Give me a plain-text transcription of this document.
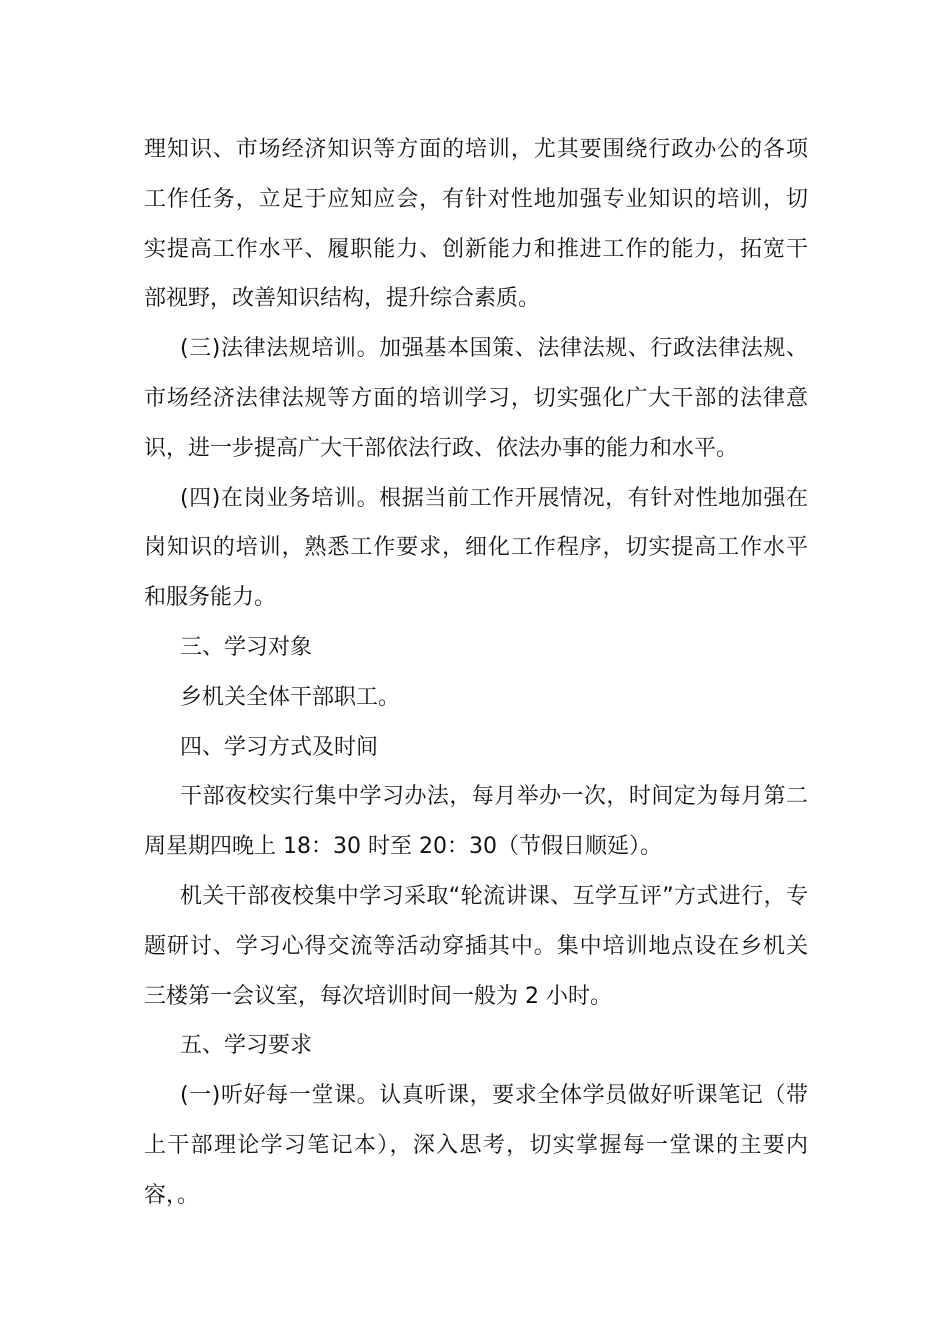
理知识、市场经济知识等方面的培训，尤其要围绕行政办公的各项
工作任务，立足于应知应会，有针对性地加强专业知识的培训，切
实提高工作水平、履职能力、创新能力和推进工作的能力，拓宽干
部视野，改善知识结构，提升综合素质。
(三)法律法规培训。加强基本国策、法律法规、行政法律法规、
市场经济法律法规等方面的培训学习，切实强化广大干部的法律意
识，进一步提高广大干部依法行政、依法办事的能力和水平。
(四)在岗业务培训。根据当前工作开展情况，有针对性地加强在
岗知识的培训，熟悉工作要求，细化工作程序，切实提高工作水平
和服务能力。
三、学习对象
乡机关全体干部职工。
四、学习方式及时间
干部夜校实行集中学习办法，每月举办一次，时间定为每月第二
周星期四晚上 18：30 时至 20：30（节假日顺延）。
机关干部夜校集中学习采取“轮流讲课、互学互评”方式进行，专
题研讨、学习心得交流等活动穿插其中。集中培训地点设在乡机关
三楼第一会议室，每次培训时间一般为 2 小时。
五、学习要求
(一)听好每一堂课。认真听课，要求全体学员做好听课笔记（带
上干部理论学习笔记本），深入思考，切实掌握每一堂课的主要内
容，。
